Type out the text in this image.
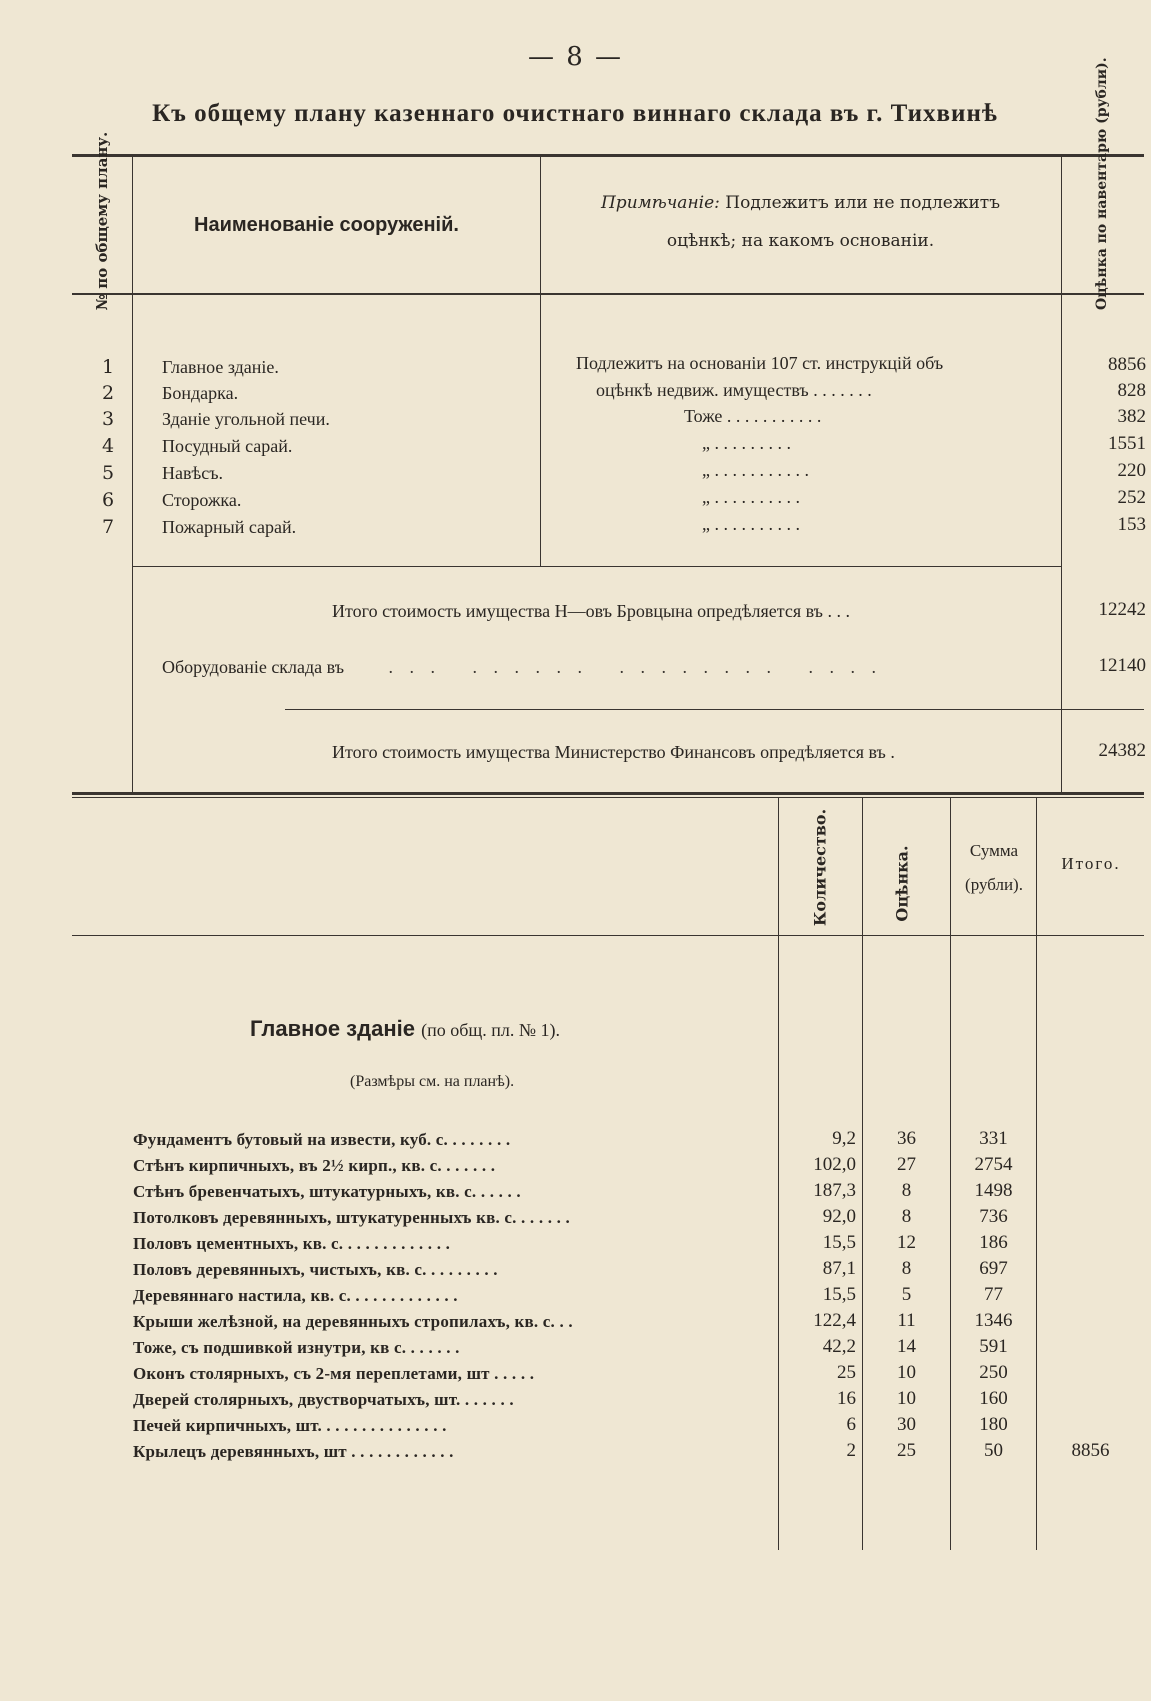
— 8 —
Къ общему плану казеннаго очистнаго виннаго склада въ г. Тихвинѣ
№ по общему плану.	Наименованіе сооруженій.
Примѣчаніе: Подлежитъ или не подлежитъ
оцѣнкѣ; на какомъ основаніи.	Оцѣнка по навентарю (рубли).
1	Главное зданіе.	Подлежитъ на основаніи 107 ст. инструкцій объ	8856
2	Бондарка.	оцѣнкѣ недвиж. имуществъ . . . . . . .	828
3	Зданіе угольной печи.	Тоже . . . . . . . . . . .	382
4	Посудный сарай.	„ . . . . . . . . .	1551
5	Навѣсъ.	„ . . . . . . . . . . .	220
6	Сторожка.	„ . . . . . . . . . .	252
7	Пожарный сарай.	„ . . . . . . . . . .	153
Итого стоимость имущества Н—овъ Бровцына опредѣляется въ . . .	12242
Оборудованіе склада въ . . .   . . . . . .   . . . . . . . .   . . . .	12140
Итого стоимость имущества Министерство Финансовъ опредѣляется въ .	24382
Количество.	Оцѣнка.	Сумма
(рубли).
Итого.
Главное зданіе (по общ. пл. № 1).
(Размѣры см. на планѣ).
Фундаментъ бутовый на извести, куб. с. . . . . . . .	9,2	36	331
Стѣнъ кирпичныхъ, въ 2½ кирп., кв. с. . . . . . .	102,0	27	2754
Стѣнъ бревенчатыхъ, штукатурныхъ, кв. с. . . . . .	187,3	8	1498
Потолковъ деревянныхъ, штукатуренныхъ кв. с. . . . . . .	92,0	8	736
Половъ цементныхъ, кв. с. . . . . . . . . . . . .	15,5	12	186
Половъ деревянныхъ, чистыхъ, кв. с. . . . . . . . .	87,1	8	697
Деревяннаго настила, кв. с. . . . . . . . . . . . .	15,5	5	77
Крыши желѣзной, на деревянныхъ стропилахъ, кв. с. . .	122,4	11	1346
Тоже, съ подшивкой изнутри, кв с. . . . . . .	42,2	14	591
Оконъ столярныхъ, съ 2-мя переплетами, шт . . . . .	25	10	250
Дверей столярныхъ, двустворчатыхъ, шт. . . . . . .	16	10	160
Печей кирпичныхъ, шт. . . . . . . . . . . . . . .	6	30	180
Крылецъ деревянныхъ, шт . . . . . . . . . . . .	2	25	50	8856
